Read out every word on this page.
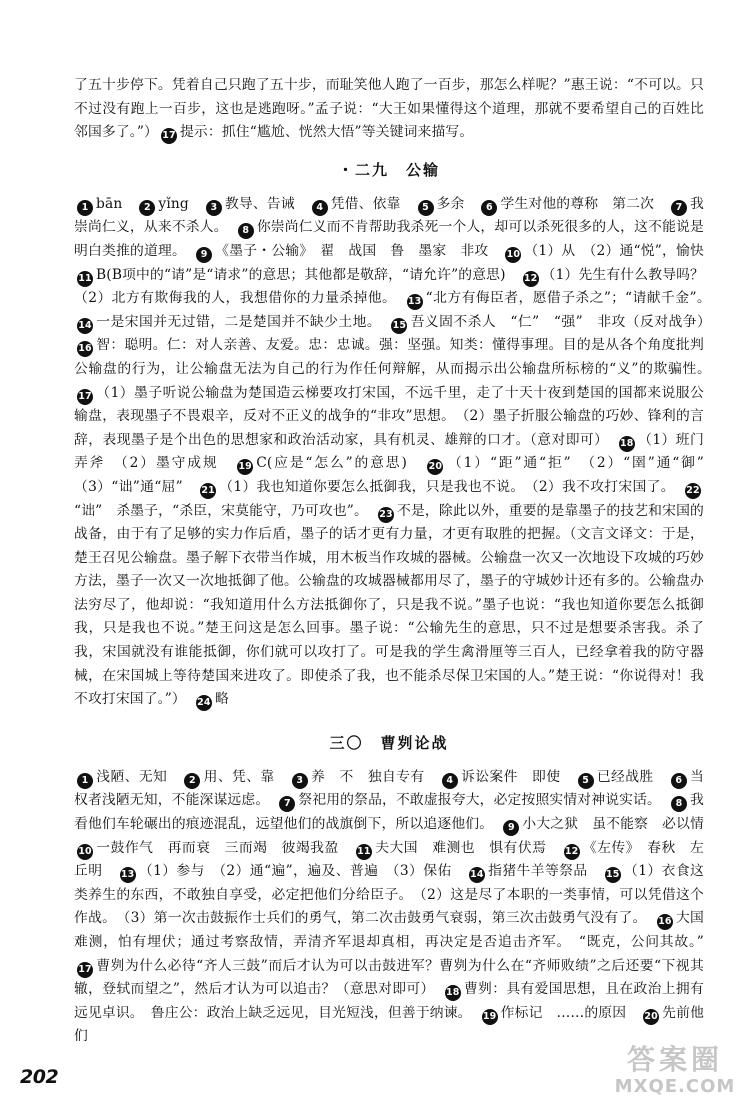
了五十步停下。凭着自己只跑了五十步，而耻笑他人跑了一百步，那怎么样呢？”惠王说：“不可以。只不过没有跑上一百步，这也是逃跑呀。”孟子说：“大王如果懂得这个道理，那就不要希望自己的百姓比邻国多了。”） 17 提示：抓住“尴尬、恍然大悟”等关键词来描写。

・二九　公输

1 bān　2 yǐng　3 教导、告诫　4 凭借、依靠　5 多余　6 学生对他的尊称　第二次　7 我崇尚仁义，从来不杀人。　8 你崇尚仁义而不肯帮助我杀死一个人，却可以杀死很多的人，这不能说是明白类推的道理。　9 《墨子・公输》　翟　战国　鲁　墨家　非攻　10 （1）从　（2）通“悦”，愉快　11 B(B项中的“请”是“请求”的意思；其他都是敬辞，“请允许”的意思)　12 （1）先生有什么教导吗？　（2）北方有欺侮我的人，我想借你的力量杀掉他。　13 “北方有侮臣者，愿借子杀之”；“请献千金”。　14 一是宋国并无过错，二是楚国并不缺少土地。　15 吾义固不杀人　“仁”　“强”　非攻（反对战争）　16 智：聪明。仁：对人亲善、友爱。忠：忠诚。强：坚强。知类：懂得事理。目的是从各个角度批判公输盘的行为，让公输盘无法为自己的行为作任何辩解，从而揭示出公输盘所标榜的“义”的欺骗性。　17 （1）墨子听说公输盘为楚国造云梯要攻打宋国，不远千里，走了十天十夜到楚国的国都来说服公输盘，表现墨子不畏艰辛，反对不正义的战争的“非攻”思想。　（2）墨子折服公输盘的巧妙、锋利的言辞，表现墨子是个出色的思想家和政治活动家，具有机灵、雄辩的口才。（意对即可）　18 （1）班门弄斧　（2）墨守成规　19 C(应是“怎么”的意思)　20 （1）“距”通“拒”　（2）“圉”通“御”　（3）“诎”通“屈”　21 （1）我也知道你要怎么抵御我，只是我也不说。　（2）我不攻打宋国了。　22“诎”　杀墨子，“杀臣，宋莫能守，乃可攻也”。　23 不是，除此以外，重要的是靠墨子的技艺和宋国的战备，由于有了足够的实力作后盾，墨子的话才更有力量，才更有取胜的把握。（文言文译文：于是，楚王召见公输盘。墨子解下衣带当作城，用木板当作攻城的器械。公输盘一次又一次地设下攻城的巧妙方法，墨子一次又一次地抵御了他。公输盘的攻城器械都用尽了，墨子的守城妙计还有多的。公输盘办法穷尽了，他却说：“我知道用什么方法抵御你了，只是我不说。”墨子也说：“我也知道你要怎么抵御我，只是我也不说。”楚王问这是怎么回事。墨子说：“公输先生的意思，只不过是想要杀害我。杀了我，宋国就没有谁能抵御，你们就可以攻打了。可是我的学生禽滑厘等三百人，已经拿着我的防守器械，在宋国城上等待楚国来进攻了。即使杀了我，也不能杀尽保卫宋国的人。”楚王说：“你说得对！我不攻打宋国了。”）　24 略

三〇　曹刿论战

1 浅陋、无知　2 用、凭、靠　3 养　不　独自专有　4 诉讼案件　即使　5 已经战胜　6 当权者浅陋无知，不能深谋远虑。　7 祭祀用的祭品，不敢虚报夸大，必定按照实情对神说实话。　8 我看他们车轮碾出的痕迹混乱，远望他们的战旗倒下，所以追逐他们。　9 小大之狱　虽不能察　必以情　10 一鼓作气　再而衰　三而竭　彼竭我盈　11 夫大国　难测也　惧有伏焉　12 《左传》　春秋　左丘明　13 （1）参与　（2）通“遍”，遍及、普遍　（3）保佑　14 指猪牛羊等祭品　15 （1）衣食这类养生的东西，不敢独自享受，必定把他们分给臣子。　（2）这是尽了本职的一类事情，可以凭借这个作战。　（3）第一次击鼓振作士兵们的勇气，第二次击鼓勇气衰弱，第三次击鼓勇气没有了。　16 大国难测，怕有埋伏；通过考察敌情，弄清齐军退却真相，再决定是否追击齐军。　“既克，公问其故。”　17 曹刿为什么必待“齐人三鼓”而后才认为可以击鼓进军？曹刿为什么在“齐师败绩”之后还要“下视其辙，登轼而望之”，然后才认为可以追击？（意思对即可）　18 曹刿：具有爱国思想，且在政治上拥有远见卓识。　鲁庄公：政治上缺乏远见，目光短浅，但善于纳谏。　19 作标记　……的原因　20 先前他们

202
答案圈
MXQE.COM
